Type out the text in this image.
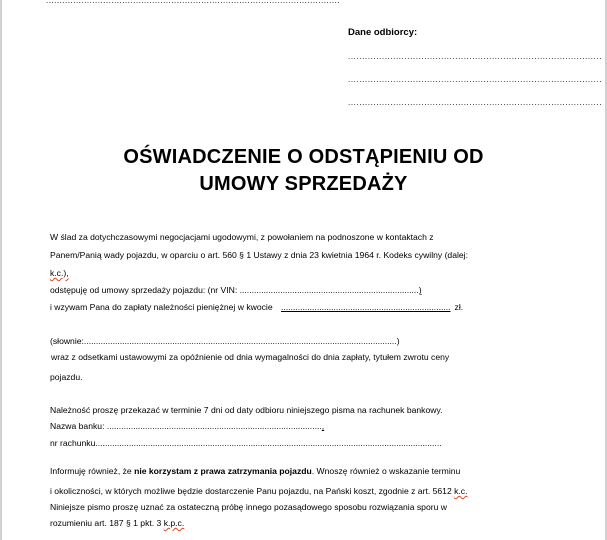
............................................................................................................
Dane odbiorcy:
..........................................................................................
..........................................................................................
..........................................................................................
OŚWIADCZENIE O ODSTĄPIENIU OD
UMOWY SPRZEDAŻY
W ślad za dotychczasowymi negocjacjami ugodowymi, z powołaniem na podnoszone w kontaktach z
Panem/Panią wady pojazdu, w oparciu o art. 560 § 1 Ustawy z dnia 23 kwietnia 1964 r. Kodeks cywilny (dalej:
k.c.),
odstępuję od umowy sprzedaży pojazdu: (nr VIN: ...........................................................................)
i wzywam Pana do zapłaty należności pieniężnej w kwocie ....................................................................... zł.
(słownie:...................................................................................................................................)
wraz z odsetkami ustawowymi za opóźnienie od dnia wymagalności do dnia zapłaty, tytułem zwrotu ceny
pojazdu.
Należność proszę przekazać w terminie 7 dni od daty odbioru niniejszego pisma na rachunek bankowy.
Nazwa banku: ..........................................................................................,
nr rachunku.................................................................................................................................................
Informuję również, że nie korzystam z prawa zatrzymania pojazdu. Wnoszę również o wskazanie terminu
i okoliczności, w których możliwe będzie dostarczenie Panu pojazdu, na Pański koszt, zgodnie z art. 5612 k.c.
Niniejsze pismo proszę uznać za ostateczną próbę innego pozasądowego sposobu rozwiązania sporu w
rozumieniu art. 187 § 1 pkt. 3 k.p.c.
